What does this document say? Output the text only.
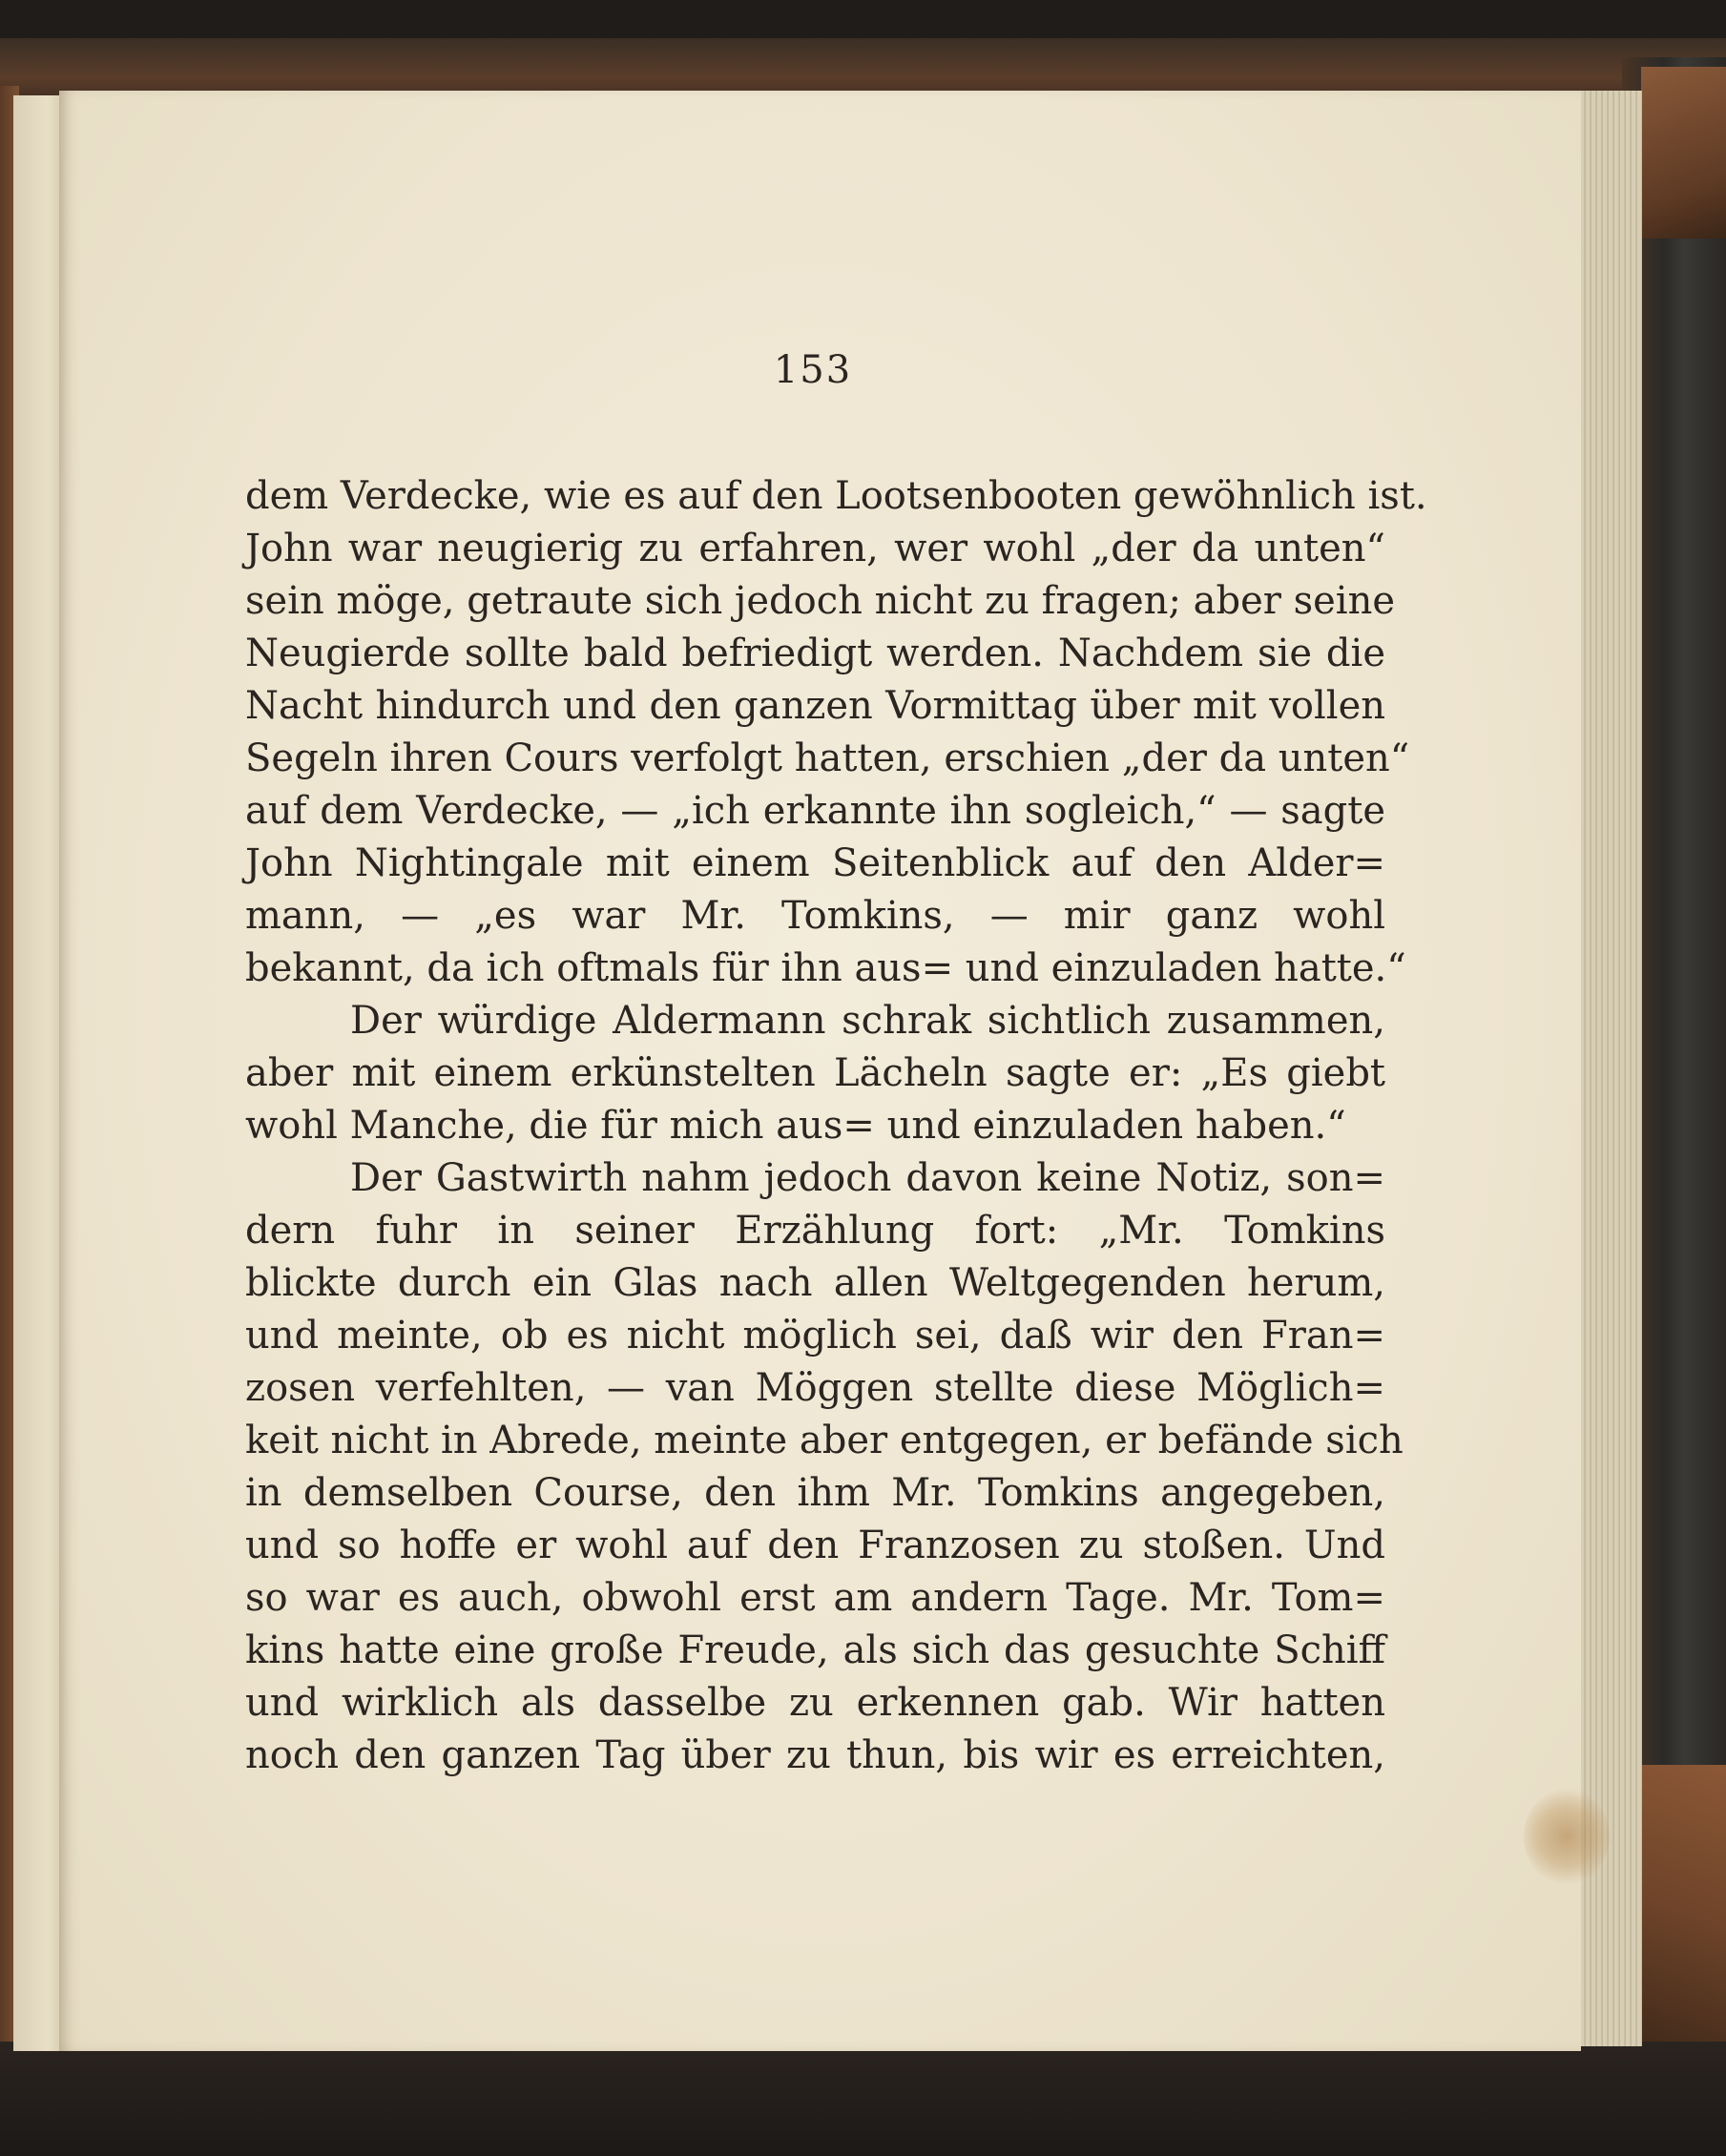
153
dem Verdecke, wie es auf den Lootsenbooten gewöhnlich ist.
John war neugierig zu erfahren, wer wohl „der da unten“
sein möge, getraute sich jedoch nicht zu fragen; aber seine
Neugierde sollte bald befriedigt werden. Nachdem sie die
Nacht hindurch und den ganzen Vormittag über mit vollen
Segeln ihren Cours verfolgt hatten, erschien „der da unten“
auf dem Verdecke, — „ich erkannte ihn sogleich,“ — sagte
John Nightingale mit einem Seitenblick auf den Alder=
mann, — „es war Mr. Tomkins, — mir ganz wohl
bekannt, da ich oftmals für ihn aus= und einzuladen hatte.“
Der würdige Aldermann schrak sichtlich zusammen,
aber mit einem erkünstelten Lächeln sagte er: „Es giebt
wohl Manche, die für mich aus= und einzuladen haben.“
Der Gastwirth nahm jedoch davon keine Notiz, son=
dern fuhr in seiner Erzählung fort: „Mr. Tomkins
blickte durch ein Glas nach allen Weltgegenden herum,
und meinte, ob es nicht möglich sei, daß wir den Fran=
zosen verfehlten, — van Möggen stellte diese Möglich=
keit nicht in Abrede, meinte aber entgegen, er befände sich
in demselben Course, den ihm Mr. Tomkins angegeben,
und so hoffe er wohl auf den Franzosen zu stoßen. Und
so war es auch, obwohl erst am andern Tage. Mr. Tom=
kins hatte eine große Freude, als sich das gesuchte Schiff
und wirklich als dasselbe zu erkennen gab. Wir hatten
noch den ganzen Tag über zu thun, bis wir es erreichten,
